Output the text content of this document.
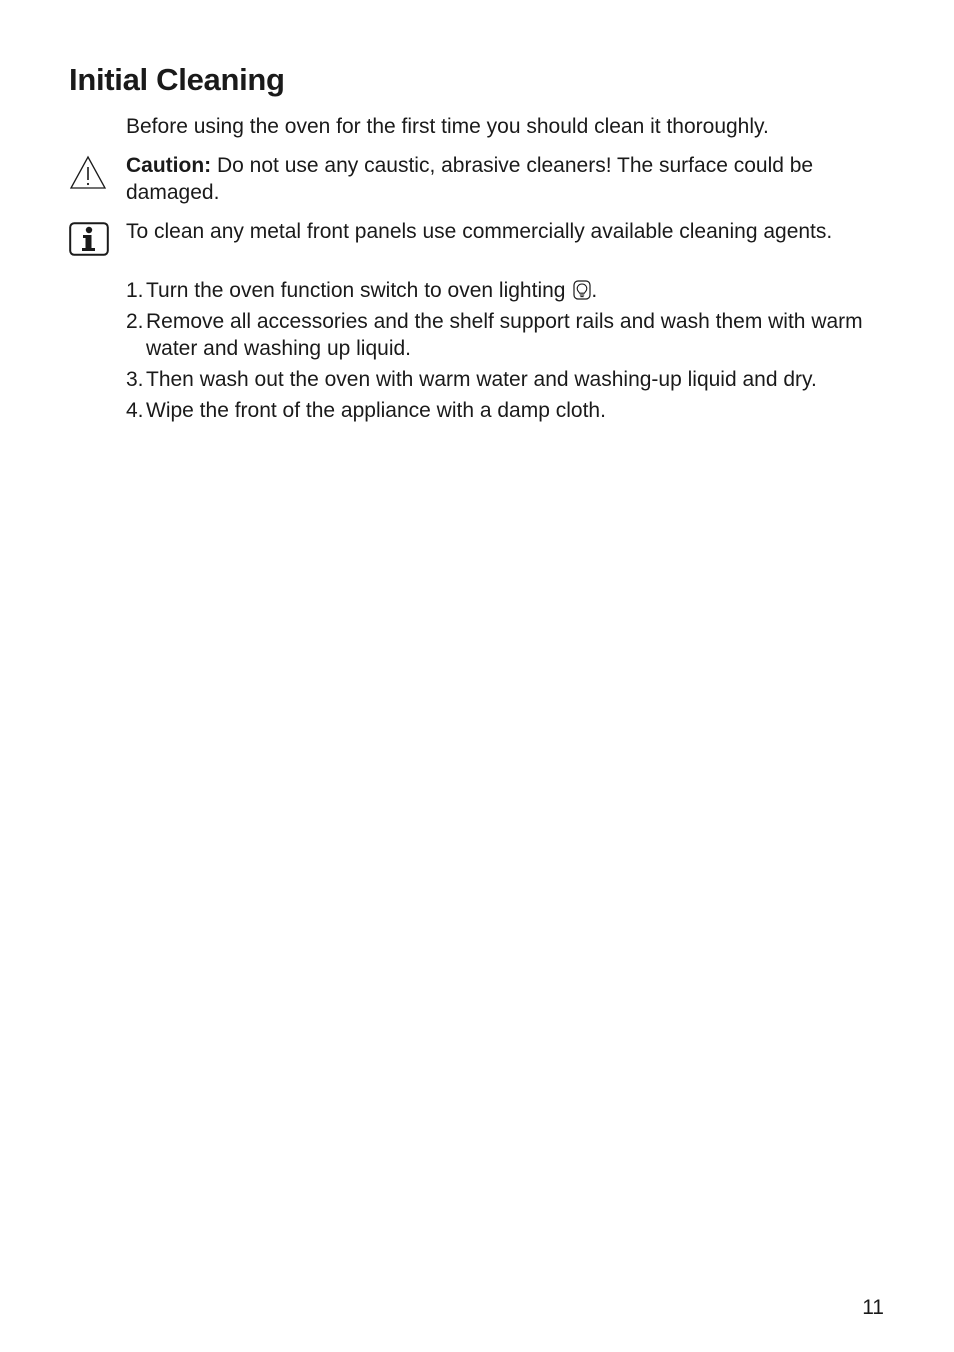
Initial Cleaning

Before using the oven for the first time you should clean it thoroughly.

Caution: Do not use any caustic, abrasive cleaners! The surface could be damaged.

To clean any metal front panels use commercially available cleaning agents.

1. Turn the oven function switch to oven lighting .
2. Remove all accessories and the shelf support rails and wash them with warm water and washing up liquid.
3. Then wash out the oven with warm water and washing-up liquid and dry.
4. Wipe the front of the appliance with a damp cloth.
11
